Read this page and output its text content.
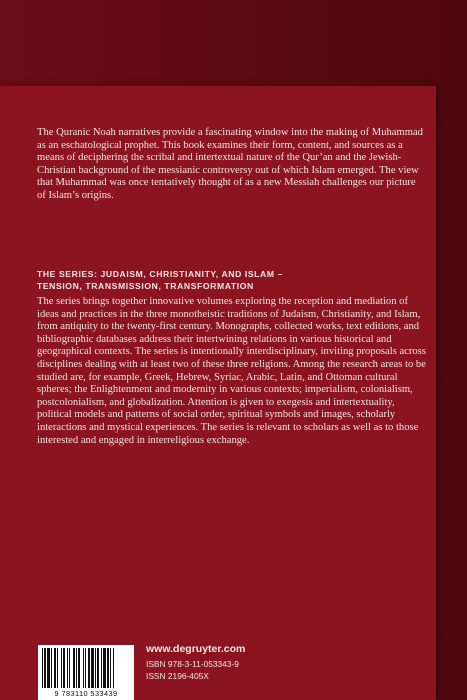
The Quranic Noah narratives provide a fascinating window into the making of Muhammad as an eschatological prophet. This book examines their form, content, and sources as a means of deciphering the scribal and intertextual nature of the Qur’an and the Jewish-Christian background of the messianic controversy out of which Islam emerged. The view that Muhammad was once tentatively thought of as a new Messiah challenges our picture of Islam’s origins.

THE SERIES: JUDAISM, CHRISTIANITY, AND ISLAM –
TENSION, TRANSMISSION, TRANSFORMATION

The series brings together innovative volumes exploring the reception and mediation of ideas and practices in the three monotheistic traditions of Judaism, Christianity, and Islam, from antiquity to the twenty-first century. Monographs, collected works, text editions, and bibliographic databases address their intertwining relations in various historical and geographical contexts. The series is intentionally interdisciplinary, inviting proposals across disciplines dealing with at least two of these three religions. Among the research areas to be studied are, for example, Greek, Hebrew, Syriac, Arabic, Latin, and Ottoman cultural spheres; the Enlightenment and modernity in various contexts; imperialism, colonialism, postcolonialism, and globalization. Attention is given to exegesis and intertextuality, political models and patterns of social order, spiritual symbols and images, scholarly interactions and mystical experiences. The series is relevant to scholars as well as to those interested and engaged in interreligious exchange.

9 783110 533439

www.degruyter.com

ISBN 978-3-11-053343-9

ISSN 2196-405X
